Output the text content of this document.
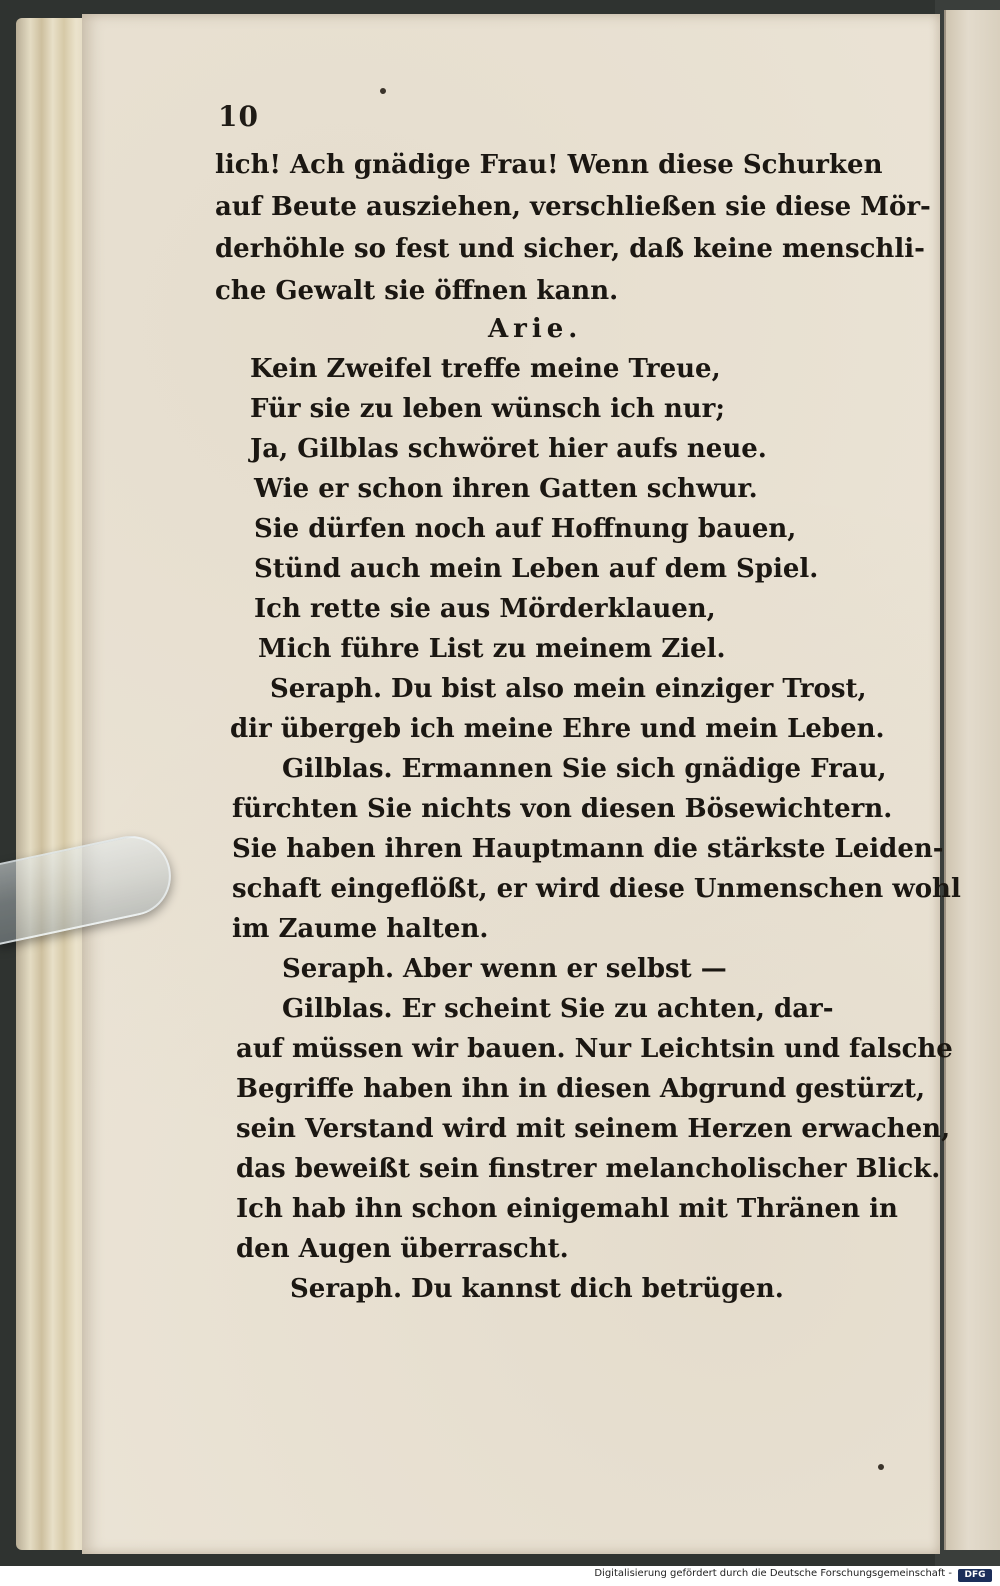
10
lich! Ach gnädige Frau! Wenn diese Schurken
auf Beute ausziehen, verschließen sie diese Mör-
derhöhle so fest und sicher, daß keine menschli-
che Gewalt sie öffnen kann.
Arie.
Kein Zweifel treffe meine Treue,
Für sie zu leben wünsch ich nur;
Ja, Gilblas schwöret hier aufs neue.
Wie er schon ihren Gatten schwur.
Sie dürfen noch auf Hoffnung bauen,
Stünd auch mein Leben auf dem Spiel.
Ich rette sie aus Mörderklauen,
Mich führe List zu meinem Ziel.
Seraph. Du bist also mein einziger Trost,
dir übergeb ich meine Ehre und mein Leben.
Gilblas. Ermannen Sie sich gnädige Frau,
fürchten Sie nichts von diesen Bösewichtern.
Sie haben ihren Hauptmann die stärkste Leiden-
schaft eingeflößt, er wird diese Unmenschen wohl
im Zaume halten.
Seraph. Aber wenn er selbst —
Gilblas. Er scheint Sie zu achten, dar-
auf müssen wir bauen. Nur Leichtsin und falsche
Begriffe haben ihn in diesen Abgrund gestürzt,
sein Verstand wird mit seinem Herzen erwachen,
das beweißt sein finstrer melancholischer Blick.
Ich hab ihn schon einigemahl mit Thränen in
den Augen überrascht.
Seraph. Du kannst dich betrügen.
Digitalisierung gefördert durch die Deutsche Forschungsgemeinschaft -	DFG
